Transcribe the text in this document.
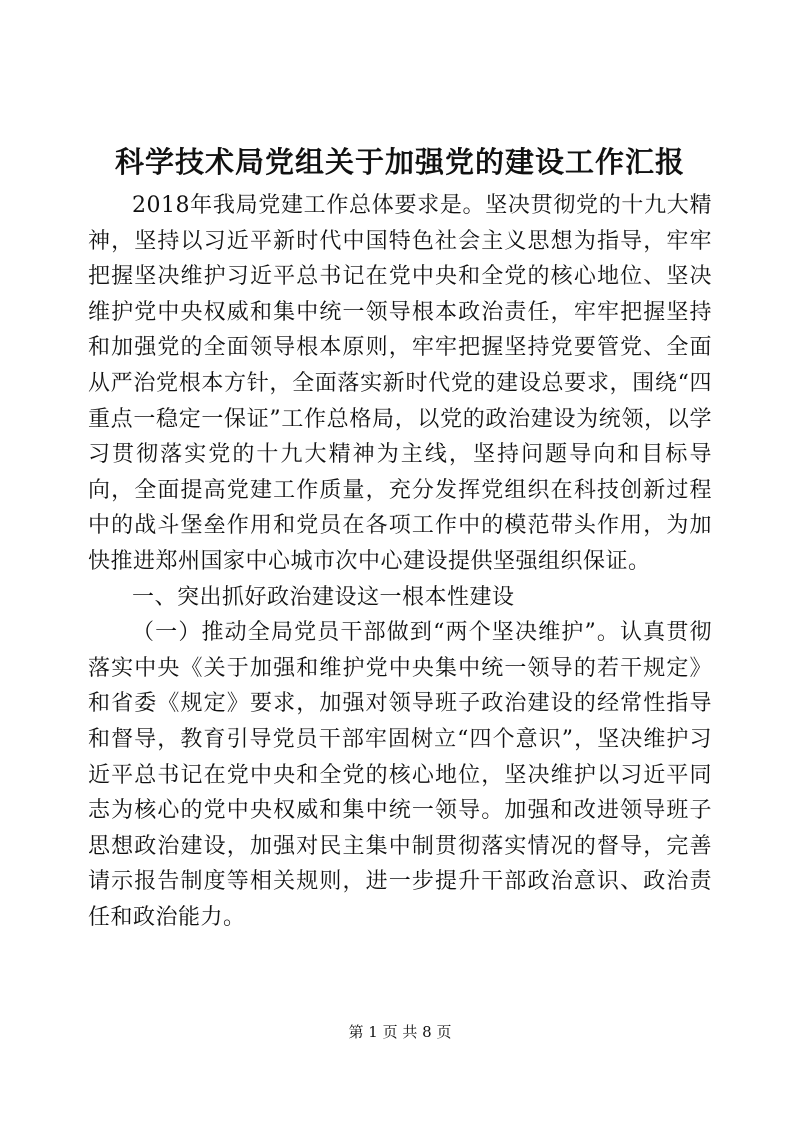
科学技术局党组关于加强党的建设工作汇报

2018年我局党建工作总体要求是。坚决贯彻党的十九大精神，坚持以习近平新时代中国特色社会主义思想为指导，牢牢把握坚决维护习近平总书记在党中央和全党的核心地位、坚决维护党中央权威和集中统一领导根本政治责任，牢牢把握坚持和加强党的全面领导根本原则，牢牢把握坚持党要管党、全面从严治党根本方针，全面落实新时代党的建设总要求，围绕“四重点一稳定一保证”工作总格局，以党的政治建设为统领，以学习贯彻落实党的十九大精神为主线，坚持问题导向和目标导向，全面提高党建工作质量，充分发挥党组织在科技创新过程中的战斗堡垒作用和党员在各项工作中的模范带头作用，为加快推进郑州国家中心城市次中心建设提供坚强组织保证。

一、突出抓好政治建设这一根本性建设

（一）推动全局党员干部做到“两个坚决维护”。认真贯彻落实中央《关于加强和维护党中央集中统一领导的若干规定》和省委《规定》要求，加强对领导班子政治建设的经常性指导和督导，教育引导党员干部牢固树立“四个意识”，坚决维护习近平总书记在党中央和全党的核心地位，坚决维护以习近平同志为核心的党中央权威和集中统一领导。加强和改进领导班子思想政治建设，加强对民主集中制贯彻落实情况的督导，完善请示报告制度等相关规则，进一步提升干部政治意识、政治责任和政治能力。

第 1 页 共 8 页
